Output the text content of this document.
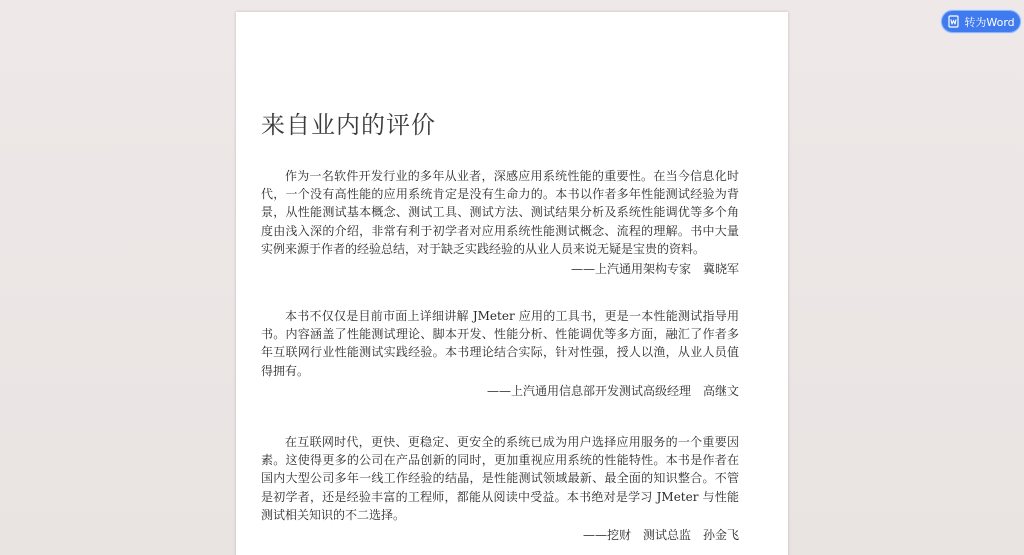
来自业内的评价

作为一名软件开发行业的多年从业者，深感应用系统性能的重要性。在当今信息化时代，一个没有高性能的应用系统肯定是没有生命力的。本书以作者多年性能测试经验为背景，从性能测试基本概念、测试工具、测试方法、测试结果分析及系统性能调优等多个角度由浅入深的介绍，非常有利于初学者对应用系统性能测试概念、流程的理解。书中大量实例来源于作者的经验总结，对于缺乏实践经验的从业人员来说无疑是宝贵的资料。

——上汽通用架构专家　冀晓军

本书不仅仅是目前市面上详细讲解 JMeter 应用的工具书，更是一本性能测试指导用书。内容涵盖了性能测试理论、脚本开发、性能分析、性能调优等多方面，融汇了作者多年互联网行业性能测试实践经验。本书理论结合实际，针对性强，授人以渔，从业人员值得拥有。

——上汽通用信息部开发测试高级经理　高继文

在互联网时代，更快、更稳定、更安全的系统已成为用户选择应用服务的一个重要因素。这使得更多的公司在产品创新的同时，更加重视应用系统的性能特性。本书是作者在国内大型公司多年一线工作经验的结晶，是性能测试领域最新、最全面的知识整合。不管是初学者，还是经验丰富的工程师，都能从阅读中受益。本书绝对是学习 JMeter 与性能测试相关知识的不二选择。

——挖财　测试总监　孙金飞
转为Word
